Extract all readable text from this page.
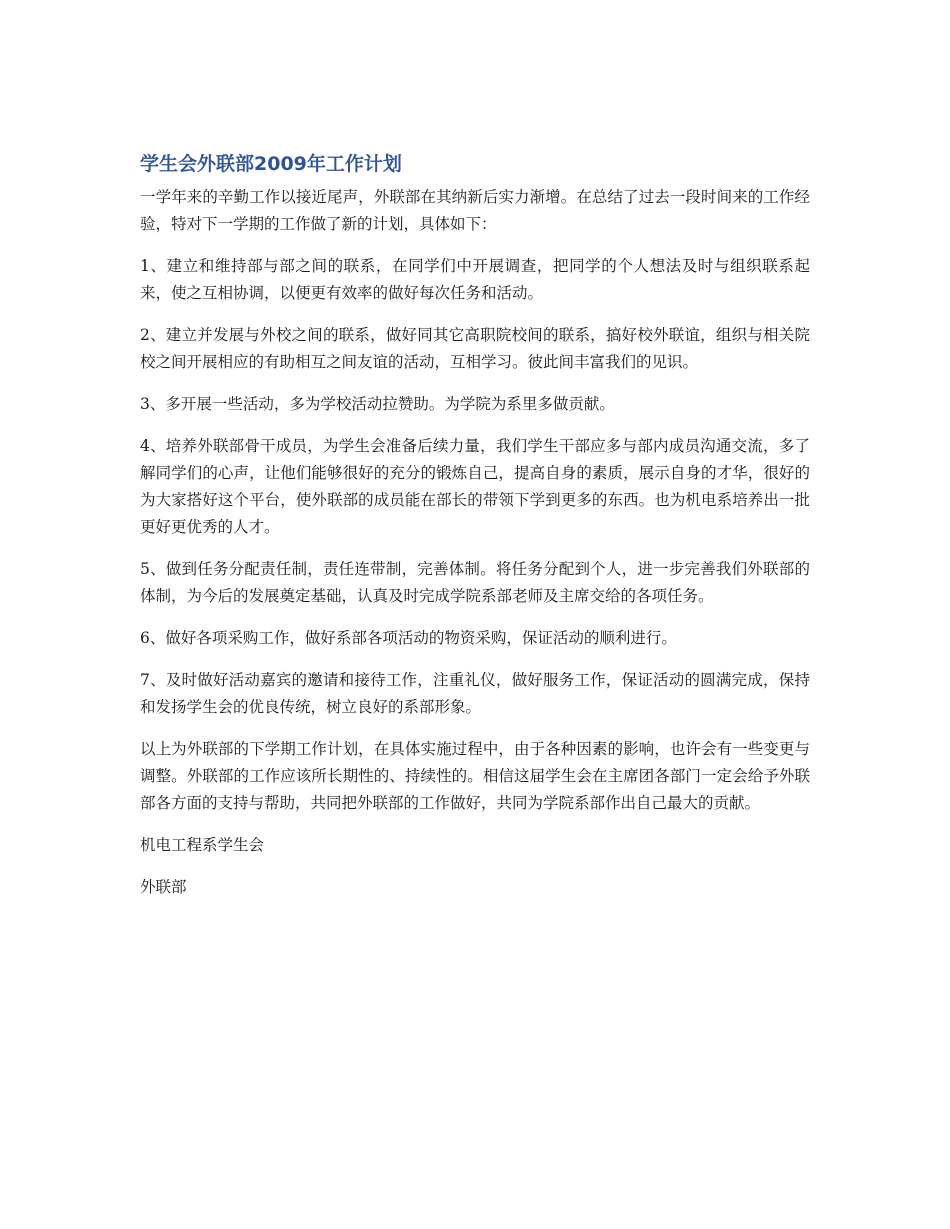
学生会外联部2009年工作计划

一学年来的辛勤工作以接近尾声，外联部在其纳新后实力渐增。在总结了过去一段时间来的工作经验，特对下一学期的工作做了新的计划，具体如下：

1、建立和维持部与部之间的联系，在同学们中开展调查，把同学的个人想法及时与组织联系起来，使之互相协调，以便更有效率的做好每次任务和活动。

2、建立并发展与外校之间的联系，做好同其它高职院校间的联系，搞好校外联谊，组织与相关院校之间开展相应的有助相互之间友谊的活动，互相学习。彼此间丰富我们的见识。

3、多开展一些活动，多为学校活动拉赞助。为学院为系里多做贡献。

4、培养外联部骨干成员，为学生会准备后续力量，我们学生干部应多与部内成员沟通交流，多了解同学们的心声，让他们能够很好的充分的锻炼自己，提高自身的素质，展示自身的才华，很好的为大家搭好这个平台，使外联部的成员能在部长的带领下学到更多的东西。也为机电系培养出一批更好更优秀的人才。

5、做到任务分配责任制，责任连带制，完善体制。将任务分配到个人，进一步完善我们外联部的体制，为今后的发展奠定基础，认真及时完成学院系部老师及主席交给的各项任务。

6、做好各项采购工作，做好系部各项活动的物资采购，保证活动的顺利进行。

7、及时做好活动嘉宾的邀请和接待工作，注重礼仪，做好服务工作，保证活动的圆满完成，保持和发扬学生会的优良传统，树立良好的系部形象。

以上为外联部的下学期工作计划，在具体实施过程中，由于各种因素的影响，也许会有一些变更与调整。外联部的工作应该所长期性的、持续性的。相信这届学生会在主席团各部门一定会给予外联部各方面的支持与帮助，共同把外联部的工作做好，共同为学院系部作出自己最大的贡献。

机电工程系学生会

外联部
